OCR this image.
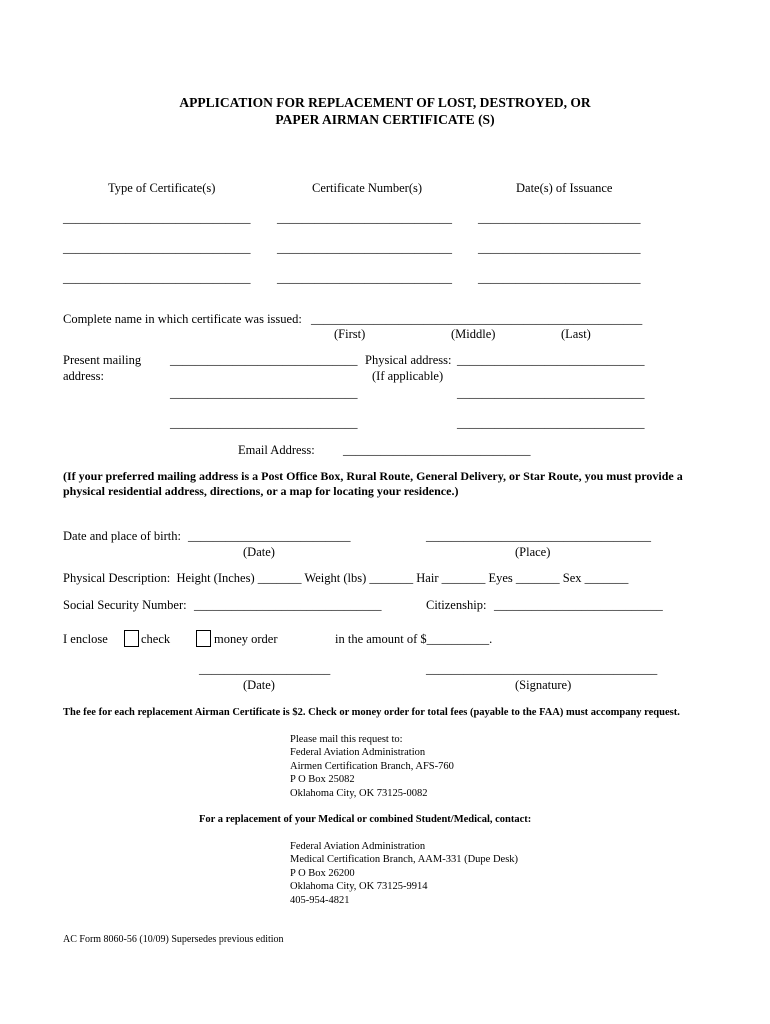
APPLICATION FOR REPLACEMENT OF LOST, DESTROYED, OR
PAPER AIRMAN CERTIFICATE (S)
Type of Certificate(s)	Certificate Number(s)	Date(s) of Issuance
______________________________ ____________________________ __________________________
______________________________ ____________________________ __________________________
______________________________ ____________________________ __________________________
Complete name in which certificate was issued: _____________________________________________________
(First)	(Middle)	(Last)
Present mailing
address:
______________________________
______________________________
______________________________
Physical address:
(If applicable)
______________________________
______________________________
______________________________
Email Address: ______________________________
(If your preferred mailing address is a Post Office Box, Rural Route, General Delivery, or Star Route, you must provide a physical residential address, directions, or a map for locating your residence.)
Date and place of birth: __________________________	____________________________________
(Date)	(Place)
Physical Description: Height (Inches) _______ Weight (lbs) _______ Hair _______ Eyes _______ Sex _______
Social Security Number: ______________________________	Citizenship: ___________________________
I enclose	check	money order	in the amount of $__________.
_____________________	_____________________________________
(Date)	(Signature)
The fee for each replacement Airman Certificate is $2. Check or money order for total fees (payable to the FAA) must accompany request.
Please mail this request to:
Federal Aviation Administration
Airmen Certification Branch, AFS-760
P O Box 25082
Oklahoma City, OK 73125-0082
For a replacement of your Medical or combined Student/Medical, contact:
Federal Aviation Administration
Medical Certification Branch, AAM-331 (Dupe Desk)
P O Box 26200
Oklahoma City, OK 73125-9914
405-954-4821
AC Form 8060-56 (10/09) Supersedes previous edition
